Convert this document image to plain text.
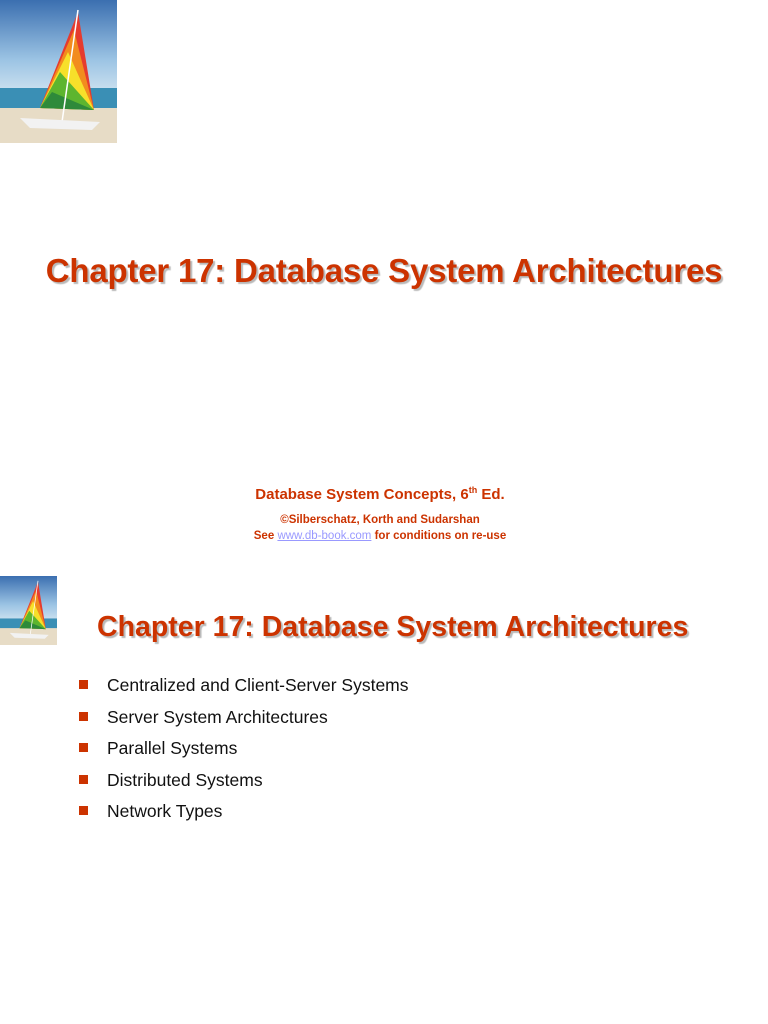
Chapter 17: Database System Architectures
Database System Concepts, 6th Ed.
©Silberschatz, Korth and Sudarshan
See www.db-book.com for conditions on re-use
Chapter 17: Database System Architectures
Centralized and Client-Server Systems
Server System Architectures
Parallel Systems
Distributed Systems
Network Types
